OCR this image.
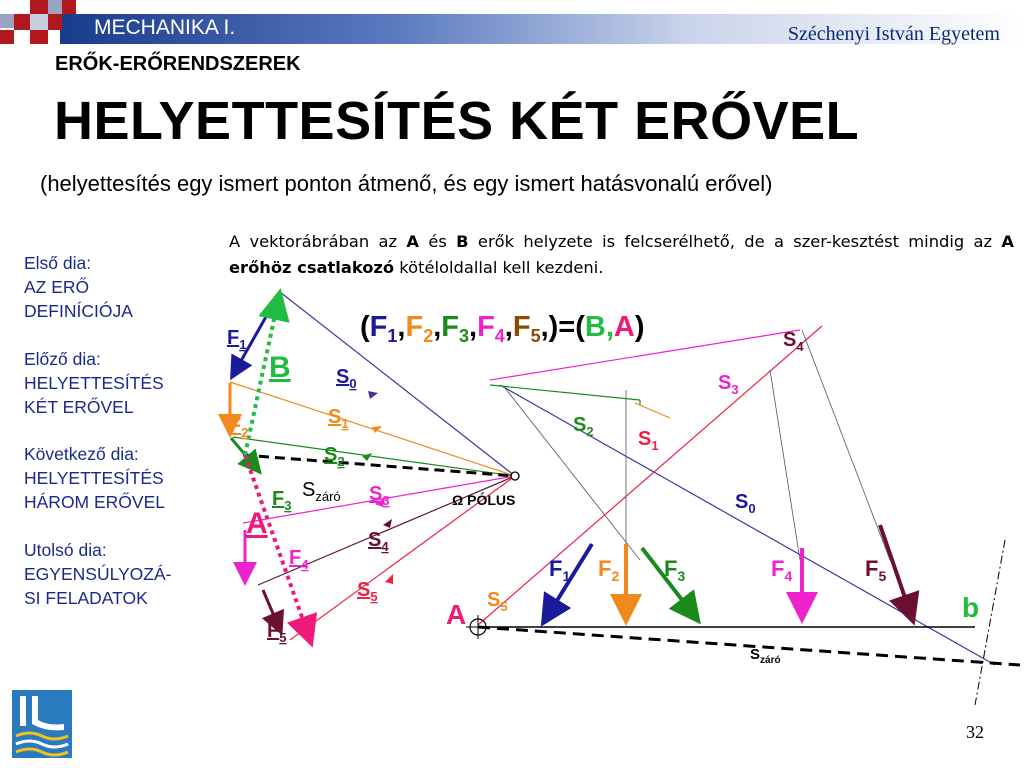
MECHANIKA I.	Széchenyi István Egyetem
ERŐK-ERŐRENDSZEREK
HELYETTESÍTÉS KÉT ERŐVEL
(helyettesítés egy ismert ponton átmenő, és egy ismert hatásvonalú erővel)
A vektorábrában az A és B erők helyzete is felcserélhető, de a szer-kesztést mindig az A erőhöz csatlakozó kötéloldallal kell kezdeni.
Első dia:
AZ ERŐ
DEFINÍCIÓJA
Előző dia:
HELYETTESÍTÉS
KÉT ERŐVEL
Következő dia:
HELYETTESÍTÉS
HÁROM ERŐVEL
Utolsó dia:
EGYENSÚLYOZÁ-
SI FELADATOK
$(F_1,F_2,F_3,F_4,F_5,)=(B,A)$
$F_1$
$F_2$
$F_3$
$F_4$
$F_5$
B
A
$S_0$
$S_1$
$S_2$
$S_3$
$S_4$
$S_5$
$S_{záró}$	Ω PÓLUS
$S_4$
$S_3$
$S_2$ $S_1$
$S_0$
$S_5$
$S_{záró}$
$F_1$ $F_2$ $F_3$	$F_4$	$F_5$
A	b
32
